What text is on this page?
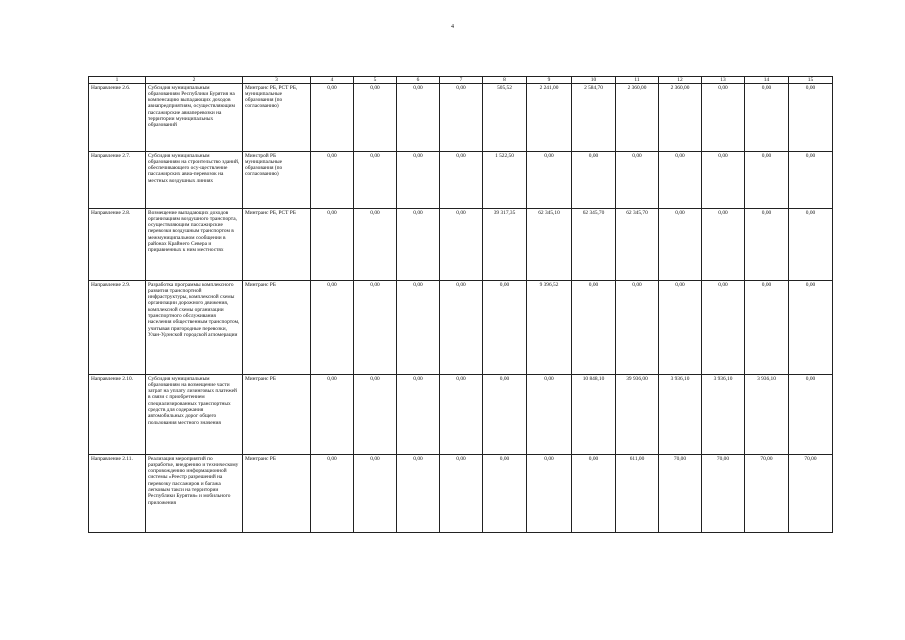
4
1	2	3	4	5	6	7	8	9	10	11	12	13	14	15
Направление 2.6.	Субсидия муниципальным образованиям Республики Бурятия на компенсацию выпадающих доходов авиапредприятиям, осуществляющим пассажирские авиаперевозки на территории муниципальных образований	Минтранс РБ, РСТ РБ, муниципальные образования (по согласованию)	0,00	0,00	0,00	0,00	505,52	2 241,00	2 584,70	2 360,00	2 360,00	0,00	0,00	0,00
Направление 2.7.	Субсидия муниципальным образованиям на строительство зданий, обеспечивающего осу-ществление пассажирских авиа-перевозок на местных воздушных линиях	Минстрой РБ муниципальные образования (по согласованию)	0,00	0,00	0,00	0,00	1 522,50	0,00	0,00	0,00	0,00	0,00	0,00	0,00
Направление 2.8.	Возмещение выпадающих доходов организациям воздушного транспорта, осуществляющим пассажирские перевозки воздушным транспортом в межмуниципальном сообщении в районах Крайнего Севера и приравненных к ним местностях	Минтранс РБ, РСТ РБ	0,00	0,00	0,00	0,00	39 317,35	62 345,10	62 345,70	62 345,70	0,00	0,00	0,00	0,00
Направление 2.9.	Разработка программы комплексного развития транспортной инфраструктуры, комплексной схемы организации дорожного движения, комплексной схемы организации транспортного обслуживания населения общественным транспортом, учитывая пригородные перевозки, Улан-Удэнской городской агломерации	Минтранс РБ	0,00	0,00	0,00	0,00	0,00	9 396,52	0,00	0,00	0,00	0,00	0,00	0,00
Направление 2.10.	Субсидия муниципальным образованиям на возмещение части затрат на уплату лизинговых платежей в связи с приобретением специализированных транспортных средств для содержания автомобильных дорог общего пользования местного значения	Минтранс РБ	0,00	0,00	0,00	0,00	0,00	0,00	10 848,10	39 936,00	3 936,10	3 936,10	3 936,10	0,00
Направление 2.11.	Реализация мероприятий по разработке, внедрению и техническому сопровождению информационной системы «Реестр разрешений на перевозку пассажиров и багажа легковым такси на территории Республики Бурятия» и мобильного приложения	Минтранс РБ	0,00	0,00	0,00	0,00	0,00	0,00	0,00	611,00	70,00	70,00	70,00	70,00
